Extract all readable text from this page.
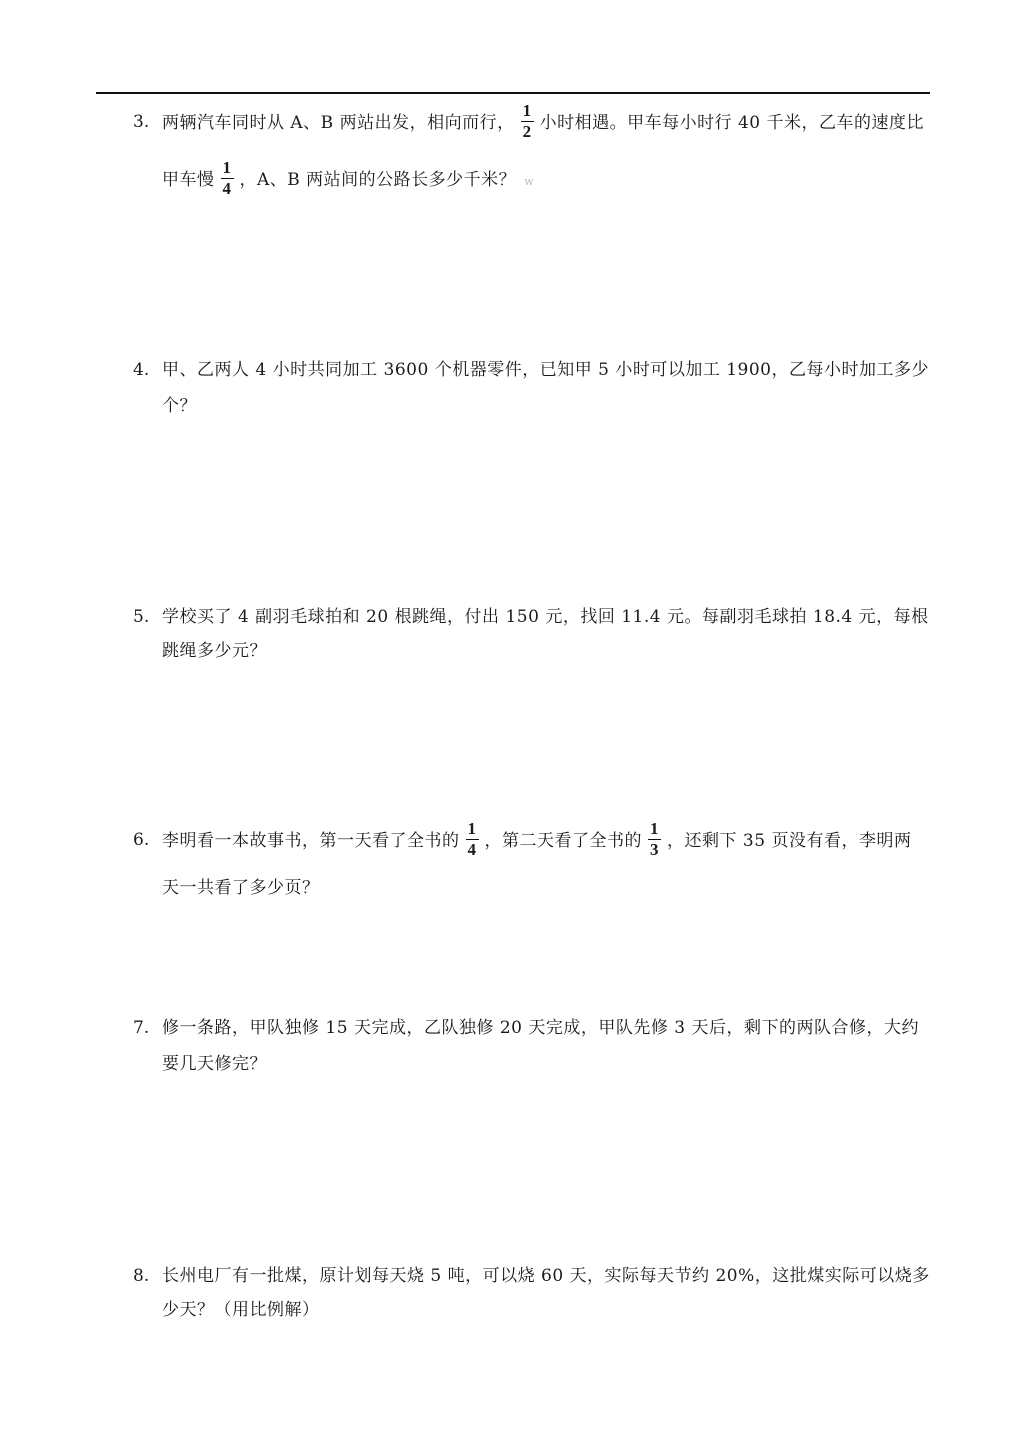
3. 两辆汽车同时从 A、B 两站出发，相向而行， $\frac{1}{2}$ 小时相遇。甲车每小时行 40 千米，乙车的速度比
甲车慢 $\frac{1}{4}$ ，A、B 两站间的公路长多少千米？ w
4. 甲、乙两人 4 小时共同加工 3600 个机器零件，已知甲 5 小时可以加工 1900，乙每小时加工多少
个？
5. 学校买了 4 副羽毛球拍和 20 根跳绳，付出 150 元，找回 11.4 元。每副羽毛球拍 18.4 元，每根
跳绳多少元？
6. 李明看一本故事书，第一天看了全书的 $\frac{1}{4}$ ，第二天看了全书的 $\frac{1}{3}$ ，还剩下 35 页没有看，李明两
天一共看了多少页？
7. 修一条路，甲队独修 15 天完成，乙队独修 20 天完成，甲队先修 3 天后，剩下的两队合修，大约
要几天修完？
8. 长州电厂有一批煤，原计划每天烧 5 吨，可以烧 60 天，实际每天节约 20%，这批煤实际可以烧多
少天？（用比例解）
